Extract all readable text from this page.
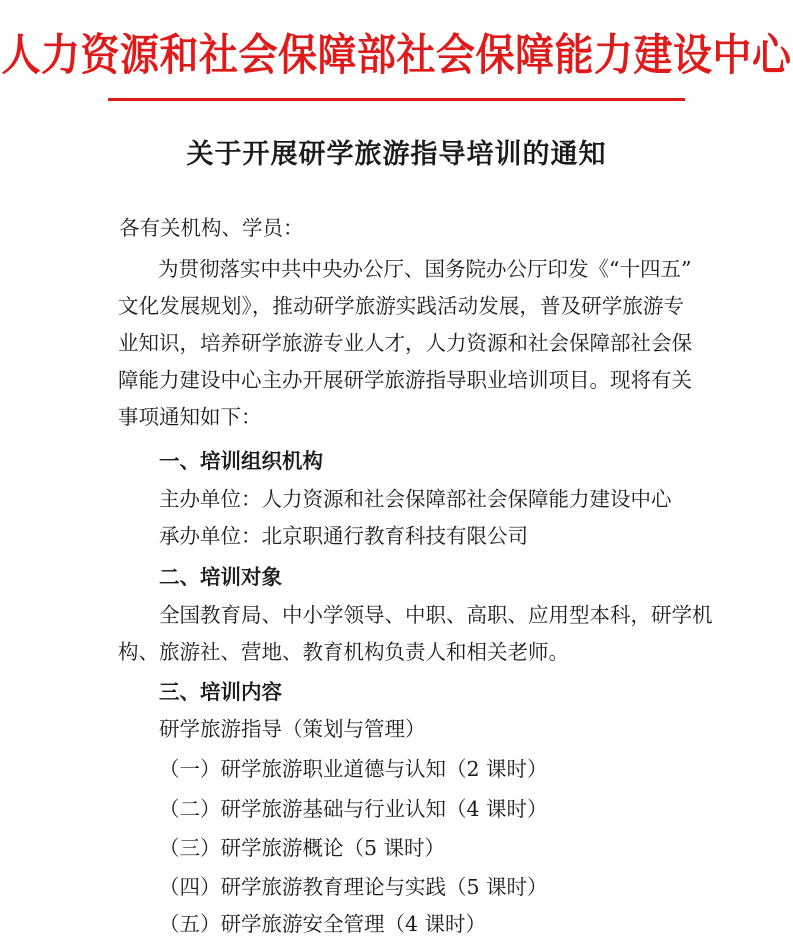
人力资源和社会保障部社会保障能力建设中心
关于开展研学旅游指导培训的通知
各有关机构、学员：
为贯彻落实中共中央办公厅、国务院办公厅印发《“十四五”
文化发展规划》，推动研学旅游实践活动发展，普及研学旅游专
业知识，培养研学旅游专业人才，人力资源和社会保障部社会保
障能力建设中心主办开展研学旅游指导职业培训项目。现将有关
事项通知如下：
一、培训组织机构
主办单位：人力资源和社会保障部社会保障能力建设中心
承办单位：北京职通行教育科技有限公司
二、培训对象
全国教育局、中小学领导、中职、高职、应用型本科，研学机
构、旅游社、营地、教育机构负责人和相关老师。
三、培训内容
研学旅游指导（策划与管理）
（一）研学旅游职业道德与认知（2 课时）
（二）研学旅游基础与行业认知（4 课时）
（三）研学旅游概论（5 课时）
（四）研学旅游教育理论与实践（5 课时）
（五）研学旅游安全管理（4 课时）
